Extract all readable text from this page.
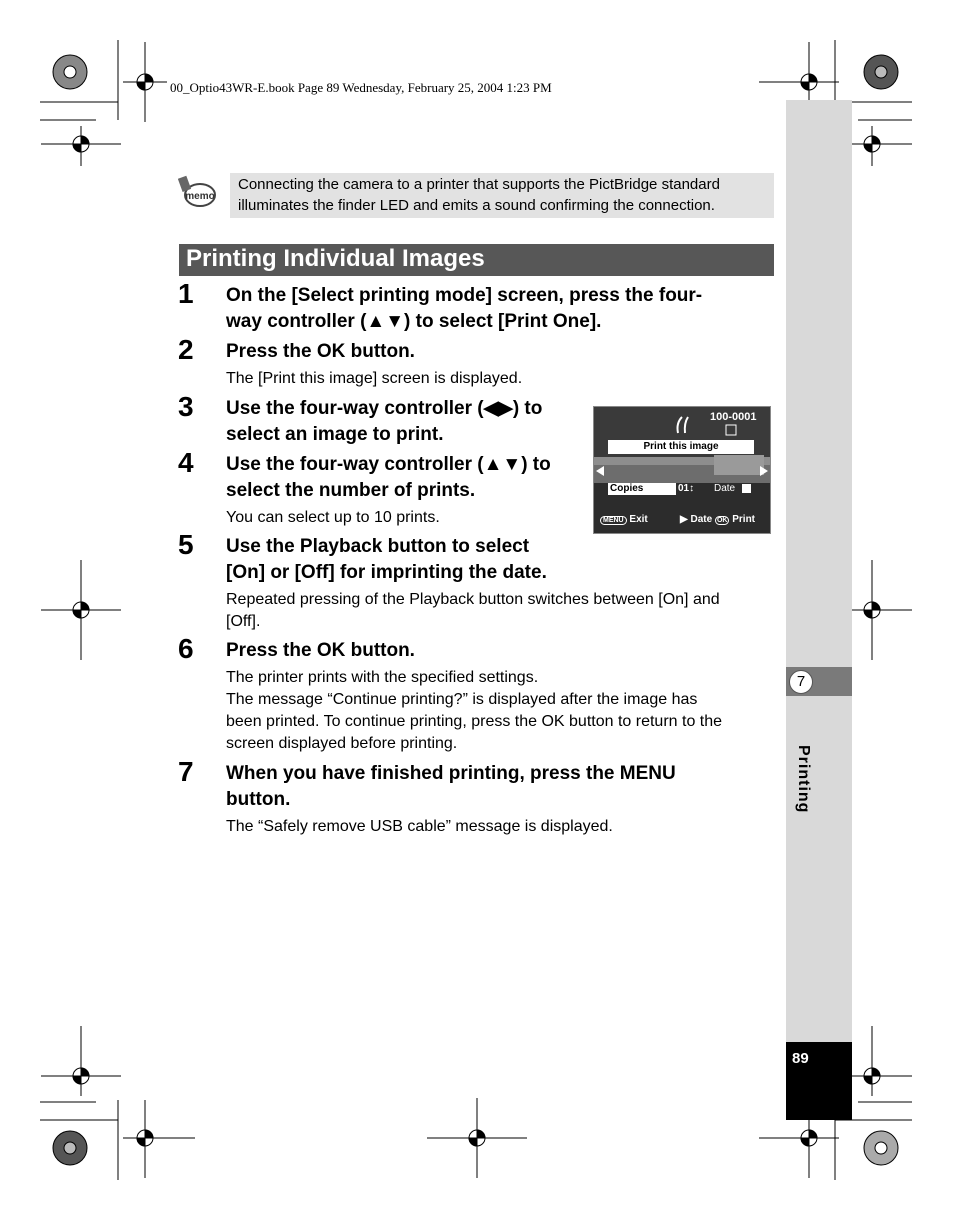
00_Optio43WR-E.book Page 89 Wednesday, February 25, 2004 1:23 PM
7
Printing
89
memo
Connecting the camera to a printer that supports the PictBridge standard
illuminates the finder LED and emits a sound confirming the connection.
Printing Individual Images
1 On the [Select printing mode] screen, press the four-
way controller (▲▼) to select [Print One].
2 Press the OK button.
The [Print this image] screen is displayed.
3 Use the four-way controller (◀▶) to
select an image to print.
4 Use the four-way controller (▲▼) to
select the number of prints.
You can select up to 10 prints.
100-0001
Print this image
Copies	01↕ Date
MENU Exit	▶ Date OK Print
5 Use the Playback button to select
[On] or [Off] for imprinting the date.
Repeated pressing of the Playback button switches between [On] and
[Off].
6 Press the OK button.
The printer prints with the specified settings.
The message “Continue printing?” is displayed after the image has
been printed. To continue printing, press the OK button to return to the
screen displayed before printing.
7 When you have finished printing, press the MENU
button.
The “Safely remove USB cable” message is displayed.
